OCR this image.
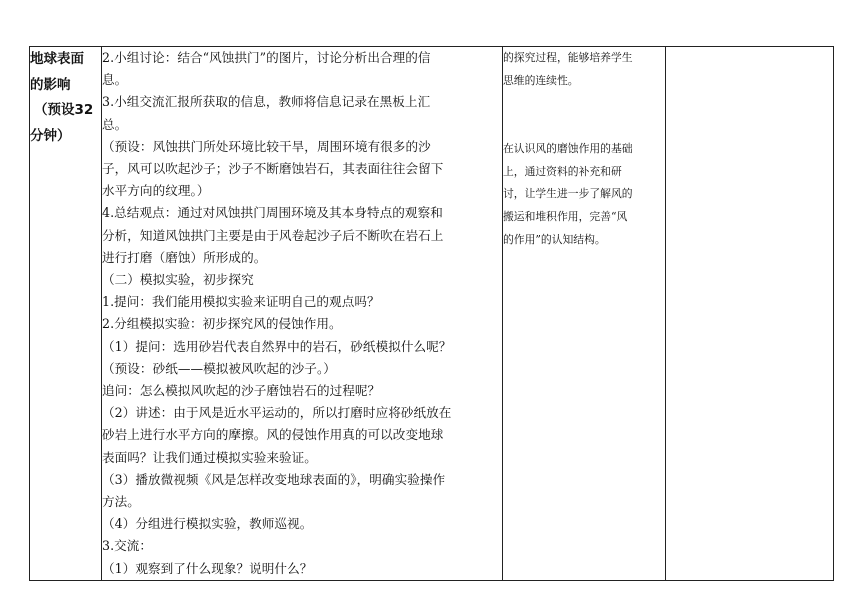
地球表面
的影响
（预设32
分钟）

2.小组讨论：结合“风蚀拱门”的图片，讨论分析出合理的信
息。
3.小组交流汇报所获取的信息，教师将信息记录在黑板上汇
总。
（预设：风蚀拱门所处环境比较干旱，周围环境有很多的沙
子，风可以吹起沙子；沙子不断磨蚀岩石，其表面往往会留下
水平方向的纹理。）
4.总结观点：通过对风蚀拱门周围环境及其本身特点的观察和
分析，知道风蚀拱门主要是由于风卷起沙子后不断吹在岩石上
进行打磨（磨蚀）所形成的。
（二）模拟实验，初步探究
1.提问：我们能用模拟实验来证明自己的观点吗？
2.分组模拟实验：初步探究风的侵蚀作用。
（1）提问：选用砂岩代表自然界中的岩石，砂纸模拟什么呢？
（预设：砂纸——模拟被风吹起的沙子。）
追问：怎么模拟风吹起的沙子磨蚀岩石的过程呢？
（2）讲述：由于风是近水平运动的，所以打磨时应将砂纸放在
砂岩上进行水平方向的摩擦。风的侵蚀作用真的可以改变地球
表面吗？让我们通过模拟实验来验证。
（3）播放微视频《风是怎样改变地球表面的》，明确实验操作
方法。
（4）分组进行模拟实验，教师巡视。
3.交流：
（1）观察到了什么现象？说明什么？

的探究过程，能够培养学生
思维的连续性。
在认识风的磨蚀作用的基础
上，通过资料的补充和研
讨，让学生进一步了解风的
搬运和堆积作用，完善“风
的作用”的认知结构。
